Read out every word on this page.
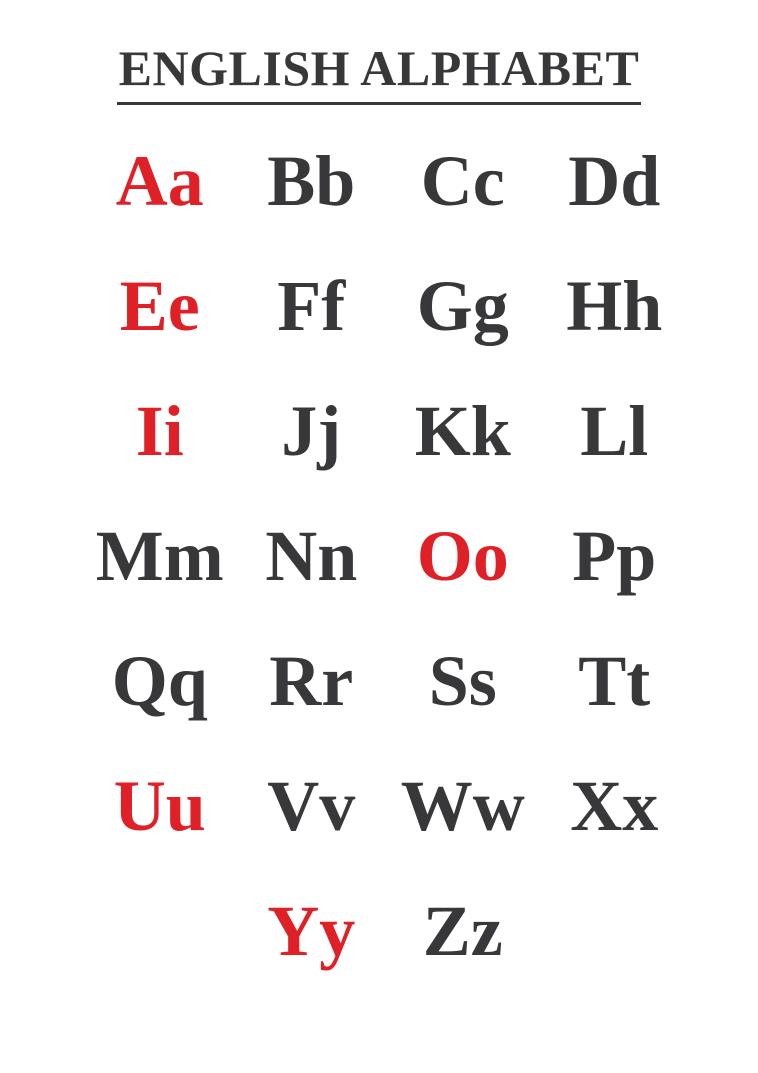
ENGLISH ALPHABET
Aa Bb Cc Dd
Ee	Ff Gg Hh
Ii	Jj	Kk Ll
Mm Nn Oo Pp
Qq Rr	Ss	Tt
Uu Vv Ww Xx
Yy Zz
